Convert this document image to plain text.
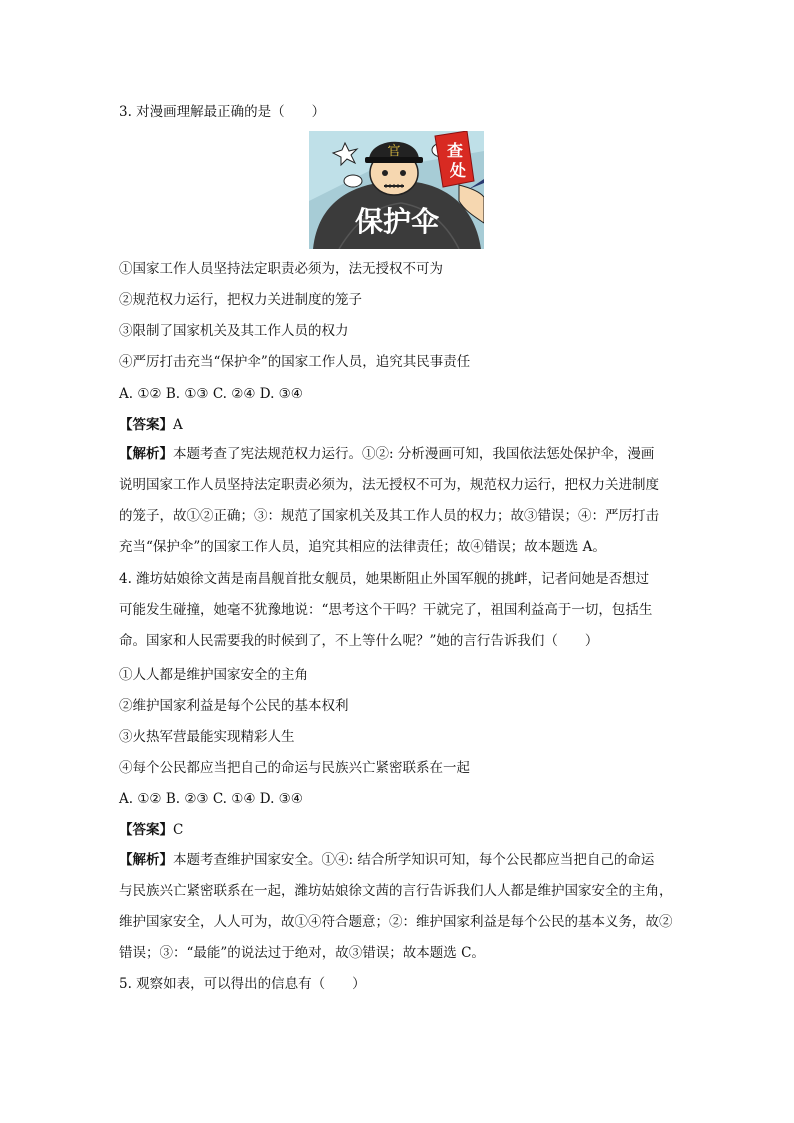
3. 对漫画理解最正确的是（　　）
官	查
处
保护伞
①国家工作人员坚持法定职责必须为，法无授权不可为
②规范权力运行，把权力关进制度的笼子
③限制了国家机关及其工作人员的权力
④严厉打击充当“保护伞”的国家工作人员，追究其民事责任
A. ①② B. ①③ C. ②④ D. ③④
【答案】A
【解析】本题考查了宪法规范权力运行。①②: 分析漫画可知，我国依法惩处保护伞，漫画
说明国家工作人员坚持法定职责必须为，法无授权不可为，规范权力运行，把权力关进制度
的笼子，故①②正确；③：规范了国家机关及其工作人员的权力；故③错误；④：严厉打击
充当“保护伞”的国家工作人员，追究其相应的法律责任；故④错误；故本题选 A。
4. 潍坊姑娘徐文茜是南昌舰首批女舰员，她果断阻止外国军舰的挑衅，记者问她是否想过
可能发生碰撞，她毫不犹豫地说：“思考这个干吗？干就完了，祖国利益高于一切，包括生
命。国家和人民需要我的时候到了，不上等什么呢？”她的言行告诉我们（　　）
①人人都是维护国家安全的主角
②维护国家利益是每个公民的基本权利
③火热军营最能实现精彩人生
④每个公民都应当把自己的命运与民族兴亡紧密联系在一起
A. ①② B. ②③ C. ①④ D. ③④
【答案】C
【解析】本题考查维护国家安全。①④: 结合所学知识可知，每个公民都应当把自己的命运
与民族兴亡紧密联系在一起，潍坊姑娘徐文茜的言行告诉我们人人都是维护国家安全的主角，
维护国家安全，人人可为，故①④符合题意；②：维护国家利益是每个公民的基本义务，故②
错误；③：“最能”的说法过于绝对，故③错误；故本题选 C。
5. 观察如表，可以得出的信息有（　　）
